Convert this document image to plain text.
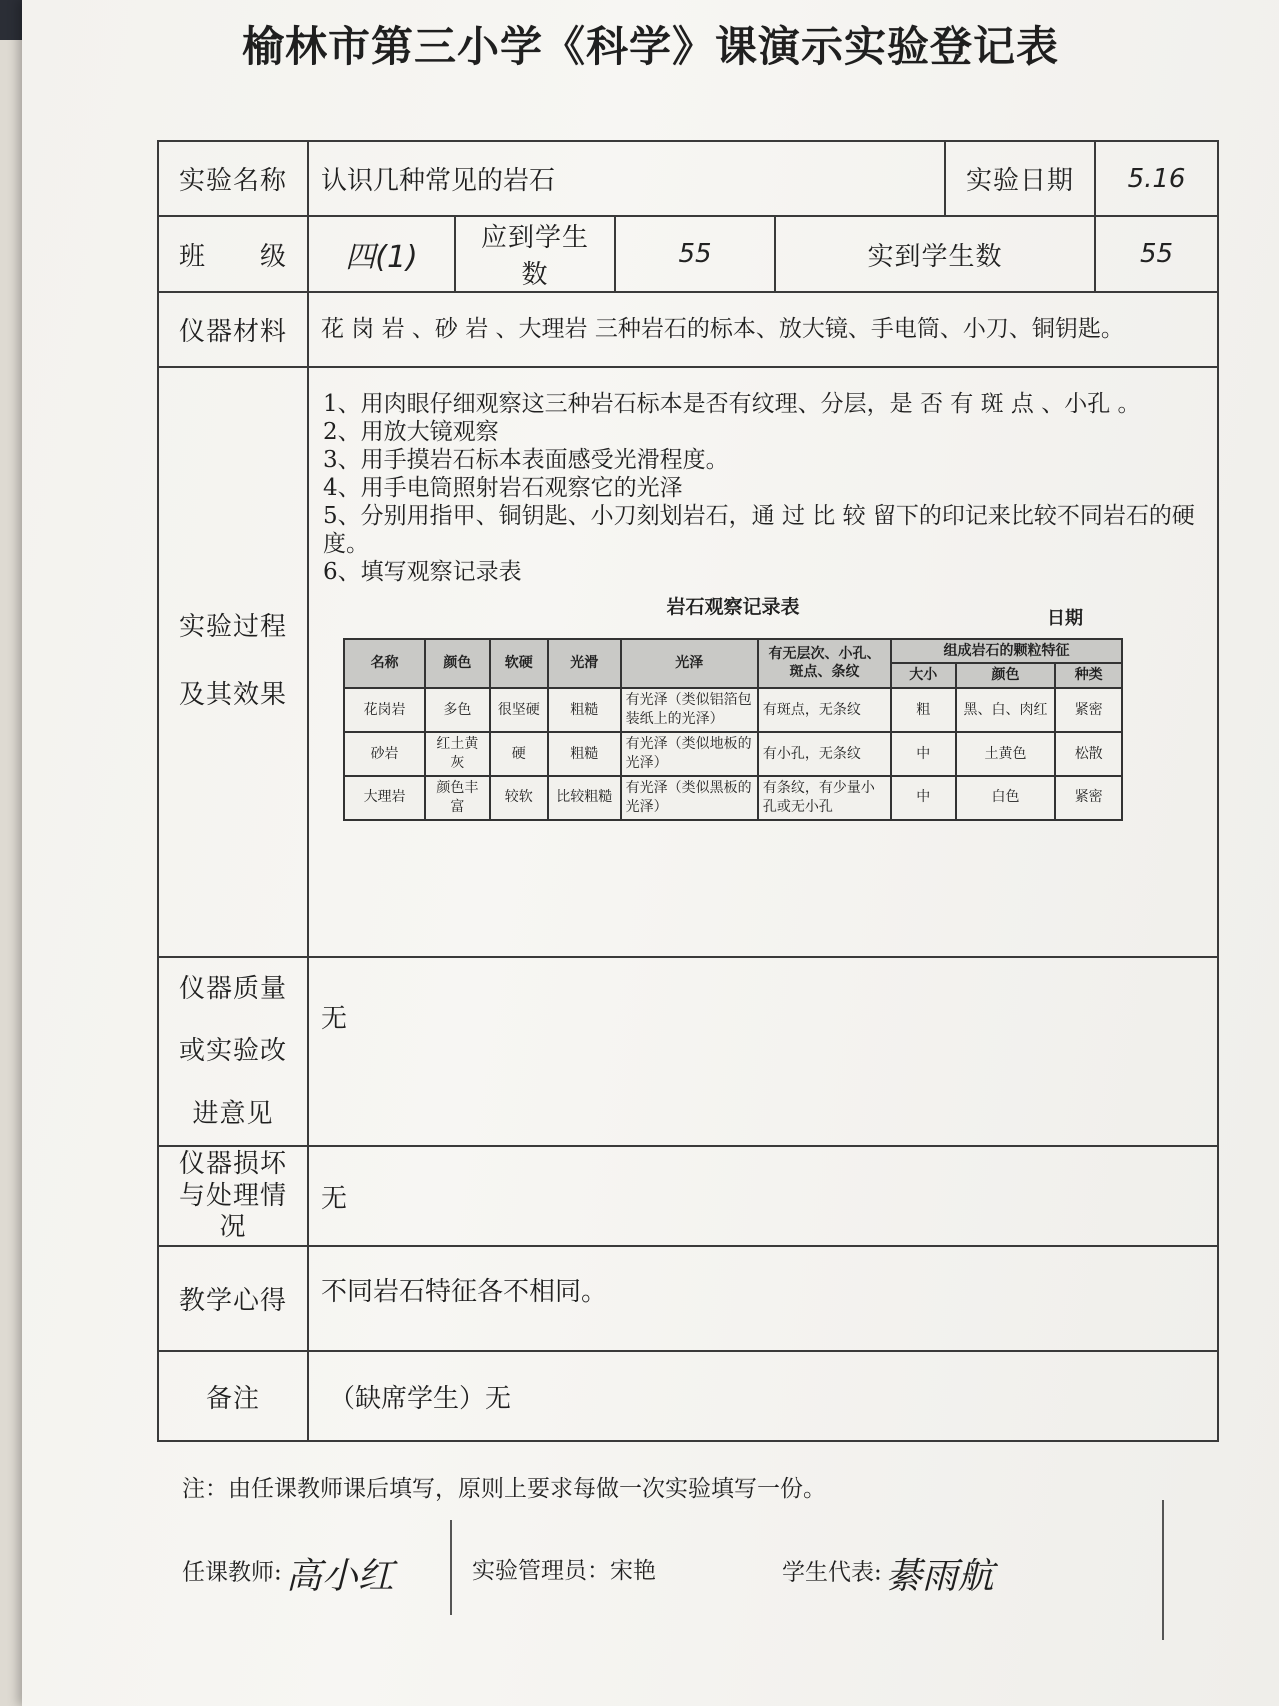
榆林市第三小学《科学》课演示实验登记表
实验名称	认识几种常见的岩石	实验日期	5.16
班　　级	四(1)	应到学生数	55	实到学生数	55
仪器材料	花 岗 岩 、砂 岩 、大理岩 三种岩石的标本、放大镜、手电筒、小刀、铜钥匙。
实验过程
及其效果	

1、用肉眼仔细观察这三种岩石标本是否有纹理、分层，是 否 有 斑 点 、小孔 。

2、用放大镜观察

3、用手摸岩石标本表面感受光滑程度。

4、用手电筒照射岩石观察它的光泽

5、分别用指甲、铜钥匙、小刀刻划岩石，通 过 比 较 留下的印记来比较不同岩石的硬度。

6、填写观察记录表

岩石观察记录表
日期
名称	颜色	软硬	光滑	光泽	有无层次、小孔、斑点、条纹	组成岩石的颗粒特征
大小	颜色	种类
花岗岩	多色	很坚硬	粗糙	有光泽（类似铝箔包装纸上的光泽）	有斑点，无条纹	粗	黑、白、肉红	紧密
砂岩	红土黄灰	硬	粗糙	有光泽（类似地板的光泽）	有小孔，无条纹	中	土黄色	松散
大理岩	颜色丰富	较软	比较粗糙	有光泽（类似黑板的光泽）	有条纹，有少量小孔或无小孔	中	白色	紧密

仪器质量
或实验改
进意见	无
仪器损坏与处理情况	无
教学心得	不同岩石特征各不相同。
备注	（缺席学生）无
注：由任课教师课后填写，原则上要求每做一次实验填写一份。
任课教师: 高小红	实验管理员：宋艳	学生代表: 綦雨航
